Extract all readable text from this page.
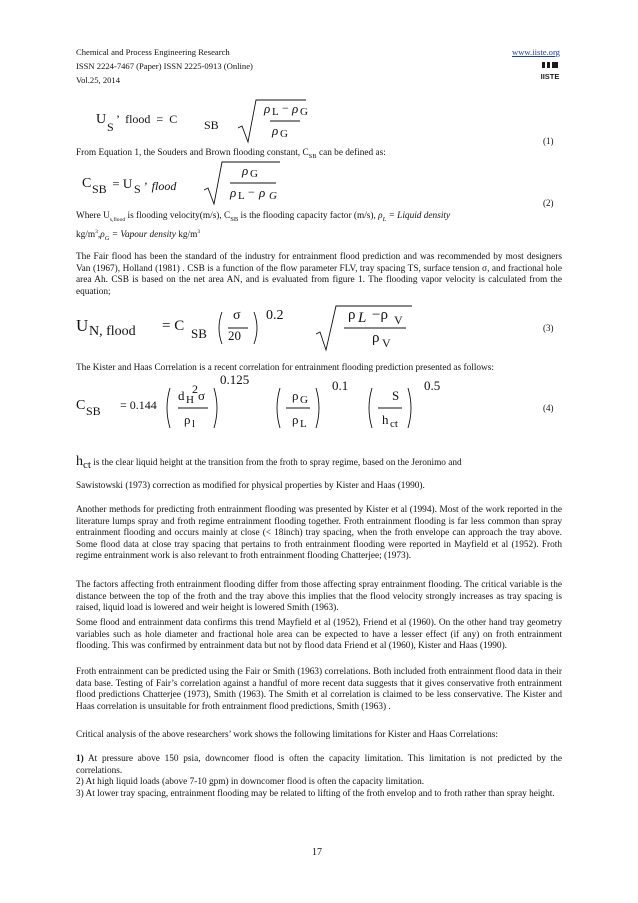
Chemical and Process Engineering Research
ISSN 2224-7467 (Paper) ISSN 2225-0913 (Online)
Vol.25, 2014
www.iiste.org
IISTE
U S
’  flood  =  C SB
ρ L − ρ G
ρ G
(1)
From Equation 1, the Souders and Brown flooding constant, $C_{SB}$ can be defined as:
C SB = U S ’  flood
ρ G
ρ L − ρ G
(2)

Where $U_{s,flood}$ is flooding velocity(m/s), $C_{SB}$ is the flooding capacity factor (m/s), $\rho_L$ = Liquid density

$kg/m^3,\rho_G$ = Vapour density $kg/m^3$

The Fair flood has been the standard of the industry for entrainment flood prediction and was recommended by most designers Van (1967), Holland (1981) . CSB is a function of the flow parameter FLV, tray spacing TS, surface tension σ, and fractional hole area Ah. CSB is based on the net area AN, and is evaluated from figure 1. The flooding vapor velocity is calculated from the equation;
U N, flood = C SB
σ
20
0.2	ρ L −ρ V
ρ V
(3)
The Kister and Haas Correlation is a recent correlation for entrainment flooding prediction presented as follows:
C SB = 0.144
d H
2 σ
ρ l
0.125
ρ G
ρ L
0.1
S
h ct
0.5
(4)

hct is the clear liquid height at the transition from the froth to spray regime, based on the Jeronimo and

Sawistowski (1973) correction as modified for physical properties by Kister and Haas (1990).
Another methods for predicting froth entrainment flooding was presented by Kister et al (1994). Most of the work reported in the literature lumps spray and froth regime entrainment flooding together. Froth entrainment flooding is far less common than spray entrainment flooding and occurs mainly at close (< 18inch) tray spacing, when the froth envelope can approach the tray above. Some flood data at close tray spacing that pertains to froth entrainment flooding were reported in Mayfield et al (1952). Froth regime entrainment work is also relevant to froth entrainment flooding Chatterjee; (1973).
The factors affecting froth entrainment flooding differ from those affecting spray entrainment flooding. The critical variable is the distance between the top of the froth and the tray above this implies that the flood velocity strongly increases as tray spacing is raised, liquid load is lowered and weir height is lowered Smith (1963).
Some flood and entrainment data confirms this trend Mayfield et al (1952), Friend et al (1960). On the other hand tray geometry variables such as hole diameter and fractional hole area can be expected to have a lesser effect (if any) on froth entrainment flooding. This was confirmed by entrainment data but not by flood data Friend et al (1960), Kister and Haas (1990).
Froth entrainment can be predicted using the Fair or Smith (1963) correlations. Both included froth entrainment flood data in their data base. Testing of Fair’s correlation against a handful of more recent data suggests that it gives conservative froth entrainment flood predictions Chatterjee (1973), Smith (1963). The Smith et al correlation is claimed to be less conservative. The Kister and Haas correlation is unsuitable for froth entrainment flood predictions, Smith (1963) .
Critical analysis of the above researchers’ work shows the following limitations for Kister and Haas Correlations:

1) At pressure above 150 psia, downcomer flood is often the capacity limitation. This limitation is not predicted by the correlations.

2) At high liquid loads (above 7-10 gpm) in downcomer flood is often the capacity limitation.

3) At lower tray spacing, entrainment flooding may be related to lifting of the froth envelop and to froth rather than spray height.

17
